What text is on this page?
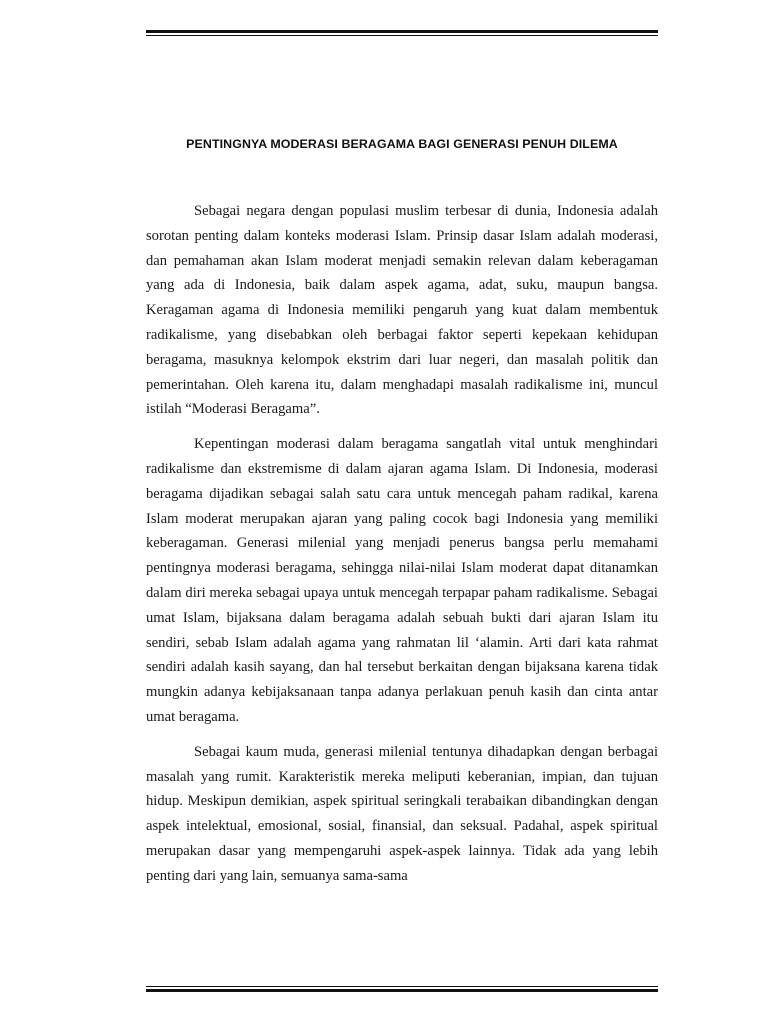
PENTINGNYA MODERASI BERAGAMA BAGI GENERASI PENUH DILEMA

Sebagai negara dengan populasi muslim terbesar di dunia, Indonesia adalah sorotan penting dalam konteks moderasi Islam. Prinsip dasar Islam adalah moderasi, dan pemahaman akan Islam moderat menjadi semakin relevan dalam keberagaman yang ada di Indonesia, baik dalam aspek agama, adat, suku, maupun bangsa. Keragaman agama di Indonesia memiliki pengaruh yang kuat dalam membentuk radikalisme, yang disebabkan oleh berbagai faktor seperti kepekaan kehidupan beragama, masuknya kelompok ekstrim dari luar negeri, dan masalah politik dan pemerintahan. Oleh karena itu, dalam menghadapi masalah radikalisme ini, muncul istilah “Moderasi Beragama”.

Kepentingan moderasi dalam beragama sangatlah vital untuk menghindari radikalisme dan ekstremisme di dalam ajaran agama Islam. Di Indonesia, moderasi beragama dijadikan sebagai salah satu cara untuk mencegah paham radikal, karena Islam moderat merupakan ajaran yang paling cocok bagi Indonesia yang memiliki keberagaman. Generasi milenial yang menjadi penerus bangsa perlu memahami pentingnya moderasi beragama, sehingga nilai-nilai Islam moderat dapat ditanamkan dalam diri mereka sebagai upaya untuk mencegah terpapar paham radikalisme. Sebagai umat Islam, bijaksana dalam beragama adalah sebuah bukti dari ajaran Islam itu sendiri, sebab Islam adalah agama yang rahmatan lil ‘alamin. Arti dari kata rahmat sendiri adalah kasih sayang, dan hal tersebut berkaitan dengan bijaksana karena tidak mungkin adanya kebijaksanaan tanpa adanya perlakuan penuh kasih dan cinta antar umat beragama.

Sebagai kaum muda, generasi milenial tentunya dihadapkan dengan berbagai masalah yang rumit. Karakteristik mereka meliputi keberanian, impian, dan tujuan hidup. Meskipun demikian, aspek spiritual seringkali terabaikan dibandingkan dengan aspek intelektual, emosional, sosial, finansial, dan seksual. Padahal, aspek spiritual merupakan dasar yang mempengaruhi aspek-aspek lainnya. Tidak ada yang lebih penting dari yang lain, semuanya sama-sama
